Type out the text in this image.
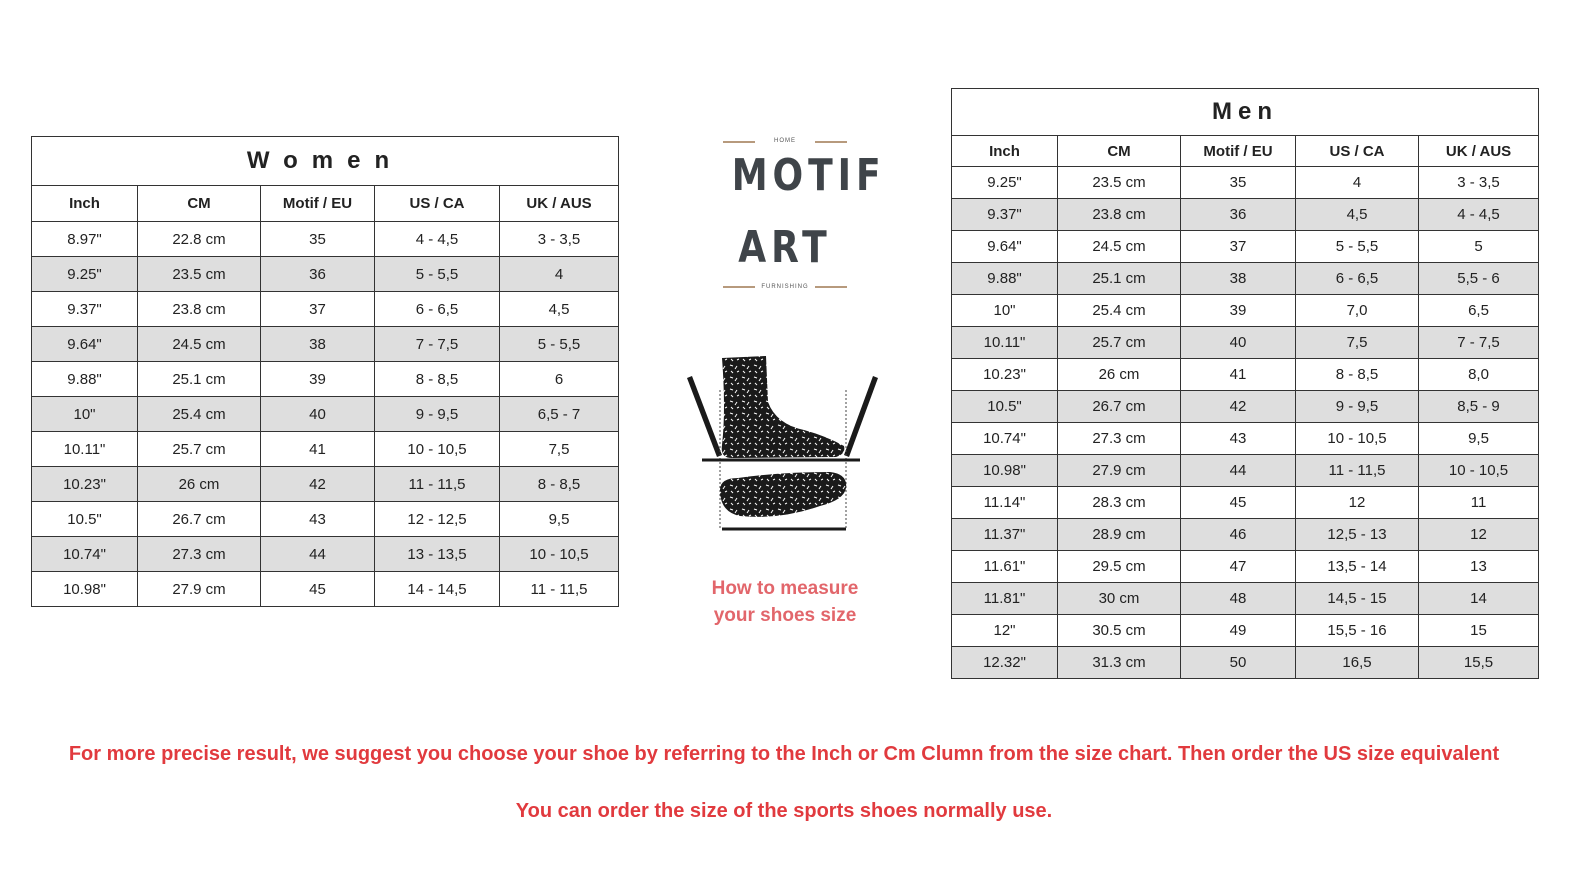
Women				
Inch	CM	Motif / EU	US / CA	UK / AUS
8.97"	22.8 cm	35	4 - 4,5	3 - 3,5
9.25"	23.5 cm	36	5 - 5,5	4
9.37"	23.8 cm	37	6 - 6,5	4,5
9.64"	24.5 cm	38	7 - 7,5	5 - 5,5
9.88"	25.1 cm	39	8 - 8,5	6
10"	25.4 cm	40	9 - 9,5	6,5 - 7
10.11"	25.7 cm	41	10 - 10,5	7,5
10.23"	26 cm	42	11 - 11,5	8 - 8,5
10.5"	26.7 cm	43	12 - 12,5	9,5
10.74"	27.3 cm	44	13 - 13,5	10 - 10,5
10.98"	27.9 cm	45	14 - 14,5	11 - 11,5
HOME
MOTIF
ART
FURNISHING
How to measure
your shoes size
Men				
Inch	CM	Motif / EU	US / CA	UK / AUS
9.25"	23.5 cm	35	4	3 - 3,5
9.37"	23.8 cm	36	4,5	4 - 4,5
9.64"	24.5 cm	37	5 - 5,5	5
9.88"	25.1 cm	38	6 - 6,5	5,5 - 6
10"	25.4 cm	39	7,0	6,5
10.11"	25.7 cm	40	7,5	7 - 7,5
10.23"	26 cm	41	8 - 8,5	8,0
10.5"	26.7 cm	42	9 - 9,5	8,5 - 9
10.74"	27.3 cm	43	10 - 10,5	9,5
10.98"	27.9 cm	44	11 - 11,5	10 - 10,5
11.14"	28.3 cm	45	12	11
11.37"	28.9 cm	46	12,5 - 13	12
11.61"	29.5 cm	47	13,5 - 14	13
11.81"	30 cm	48	14,5 - 15	14
12"	30.5 cm	49	15,5 - 16	15
12.32"	31.3 cm	50	16,5	15,5
For more precise result, we suggest you choose your shoe by referring to the Inch or Cm Clumn from the size chart. Then order the US size equivalent
You can order the size of the sports shoes normally use.
